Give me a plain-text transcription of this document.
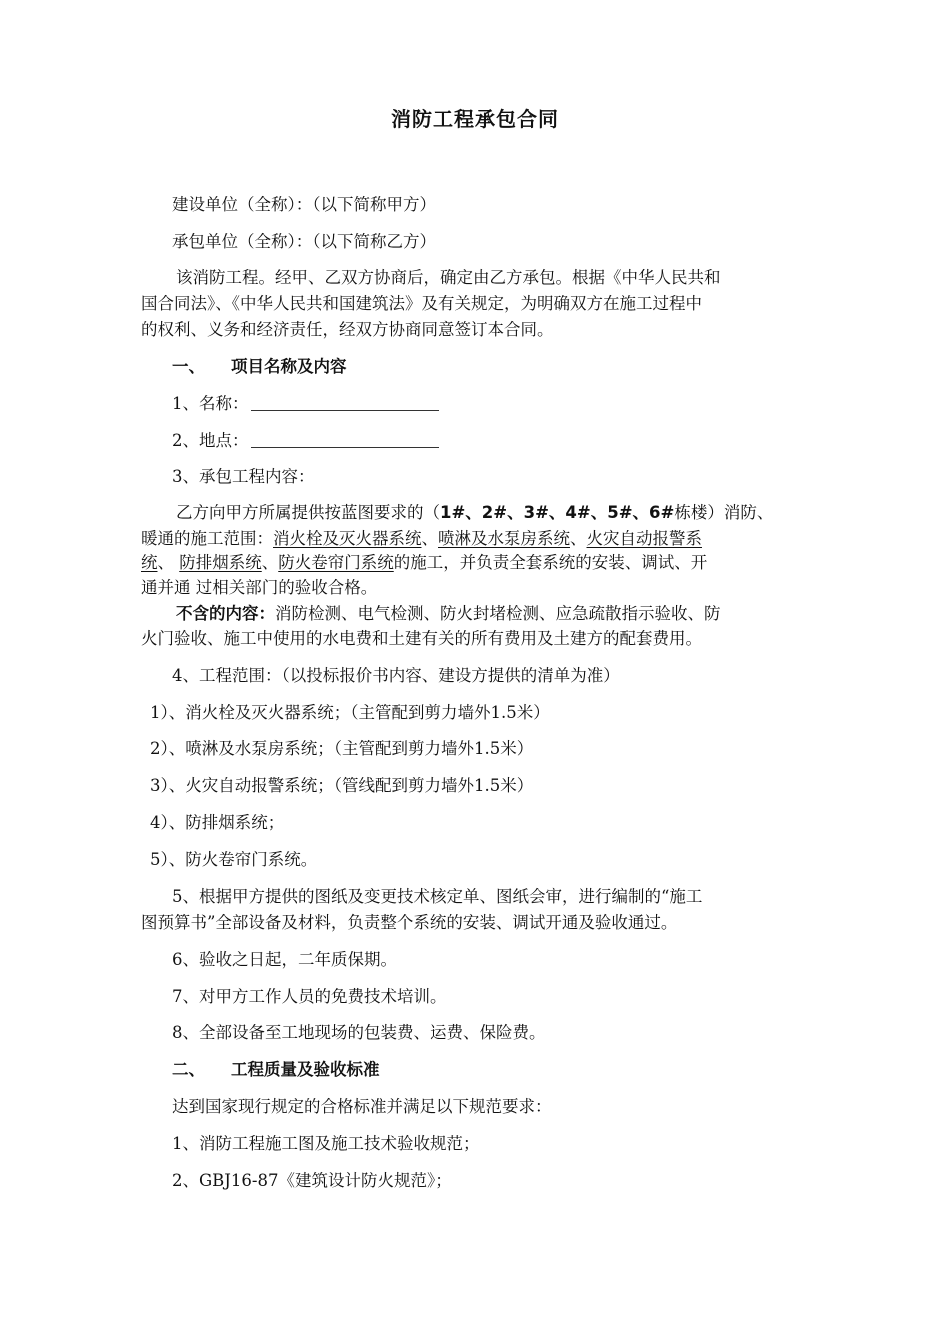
消防工程承包合同
建设单位（全称）：（以下简称甲方）
承包单位（全称）：（以下简称乙方）
该消防工程。经甲、乙双方协商后，确定由乙方承包。根据《中华人民共和
国合同法》、《中华人民共和国建筑法》及有关规定，为明确双方在施工过程中
的权利、义务和经济责任，经双方协商同意签订本合同。
一、 项目名称及内容
1、名称：
2、地点：
3、承包工程内容：
乙方向甲方所属提供按蓝图要求的（1#、2#、3#、4#、5#、6#栋楼）消防、
暖通的施工范围：消火栓及灭火器系统、喷淋及水泵房系统、火灾自动报警系
统、 防排烟系统、防火卷帘门系统的施工，并负责全套系统的安装、调试、开
通并通 过相关部门的验收合格。
不含的内容：消防检测、电气检测、防火封堵检测、应急疏散指示验收、防
火门验收、施工中使用的水电费和土建有关的所有费用及土建方的配套费用。
4、工程范围：（以投标报价书内容、建设方提供的清单为准）
1）、消火栓及灭火器系统；（主管配到剪力墙外1.5米）
2）、喷淋及水泵房系统；（主管配到剪力墙外1.5米）
3）、火灾自动报警系统；（管线配到剪力墙外1.5米）
4）、防排烟系统；
5）、防火卷帘门系统。
5、根据甲方提供的图纸及变更技术核定单、图纸会审，进行编制的“施工
图预算书”全部设备及材料，负责整个系统的安装、调试开通及验收通过。
6、验收之日起，二年质保期。
7、对甲方工作人员的免费技术培训。
8、全部设备至工地现场的包装费、运费、保险费。
二、 工程质量及验收标准
达到国家现行规定的合格标准并满足以下规范要求：
1、消防工程施工图及施工技术验收规范；
2、GBJ16-87《建筑设计防火规范》；
